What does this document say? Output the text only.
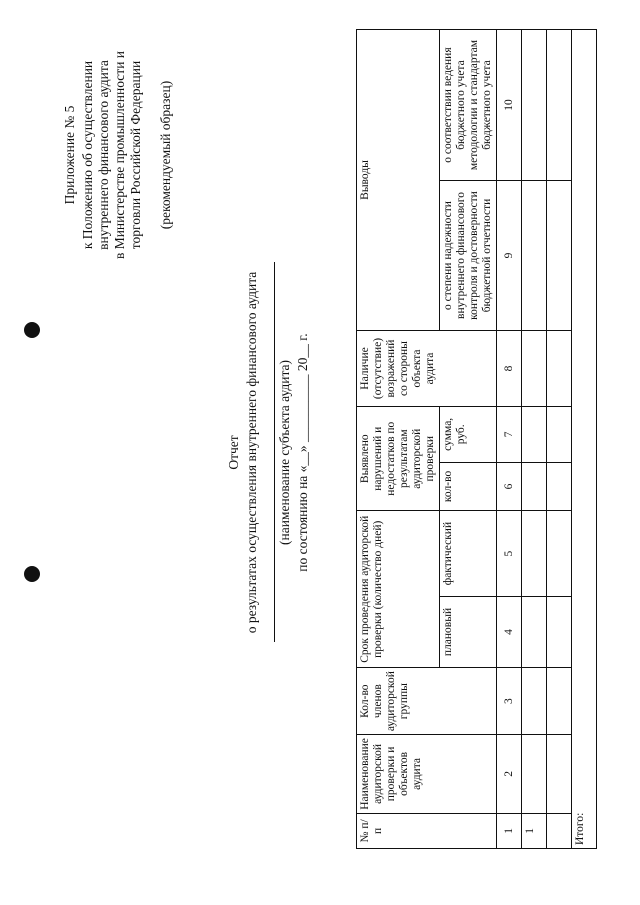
Приложение № 5 к Положению об осуществлении внутреннего финансового аудита в Министерстве промышленности и торговли Российской Федерации (рекомендуемый образец)
Отчет о результатах осуществления внутреннего финансового аудита (наименование субъекта аудита) по состоянию на «__» __________ 20__ г.
№ п/п	Наименование аудиторской проверки и объектов аудита	Кол-во членов аудиторской группы	Срок проведения аудиторской проверки (количество дней)		Выявлено нарушений и недостатков по результатам аудиторской проверки		Наличие (отсутствие) возражений со стороны объекта аудита	Выводы	
			плановый	фактический	кол-во	сумма, руб.		о степени надежности внутреннего финансового контроля и достоверности бюджетной отчетности	о соответствии ведения бюджетного учета методологии и стандартам бюджетного учета
1	2	3	4	5	6	7	8	9	10
1									

Итого:									
